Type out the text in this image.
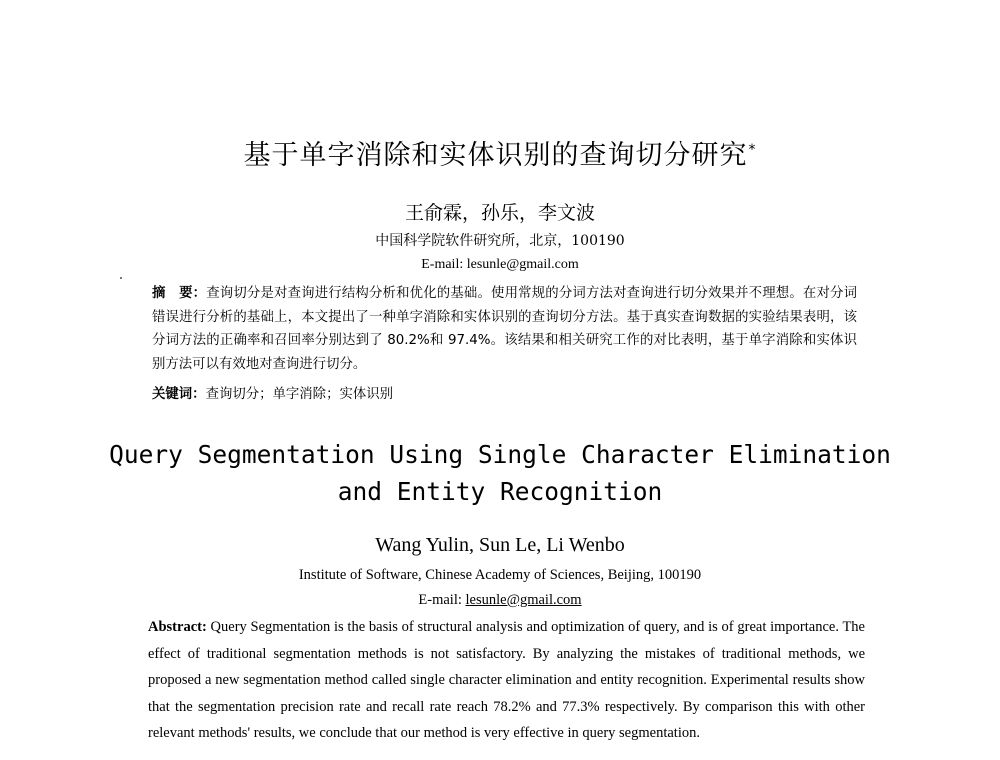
基于单字消除和实体识别的查询切分研究*
王俞霖，孙乐，李文波
中国科学院软件研究所，北京，100190
E-mail: lesunle@gmail.com
摘　要：查询切分是对查询进行结构分析和优化的基础。使用常规的分词方法对查询进行切分效果并不理想。在对分词错误进行分析的基础上，本文提出了一种单字消除和实体识别的查询切分方法。基于真实查询数据的实验结果表明，该分词方法的正确率和召回率分别达到了 80.2%和 97.4%。该结果和相关研究工作的对比表明，基于单字消除和实体识别方法可以有效地对查询进行切分。
关键词：查询切分；单字消除；实体识别
Query Segmentation Using Single Character Elimination
and Entity Recognition
Wang Yulin, Sun Le, Li Wenbo
Institute of Software, Chinese Academy of Sciences, Beijing, 100190
E-mail: lesunle@gmail.com
Abstract: Query Segmentation is the basis of structural analysis and optimization of query, and is of great importance. The effect of traditional segmentation methods is not satisfactory. By analyzing the mistakes of traditional methods, we proposed a new segmentation method called single character elimination and entity recognition. Experimental results show that the segmentation precision rate and recall rate reach 78.2% and 77.3% respectively. By comparison this with other relevant methods' results, we conclude that our method is very effective in query segmentation.
